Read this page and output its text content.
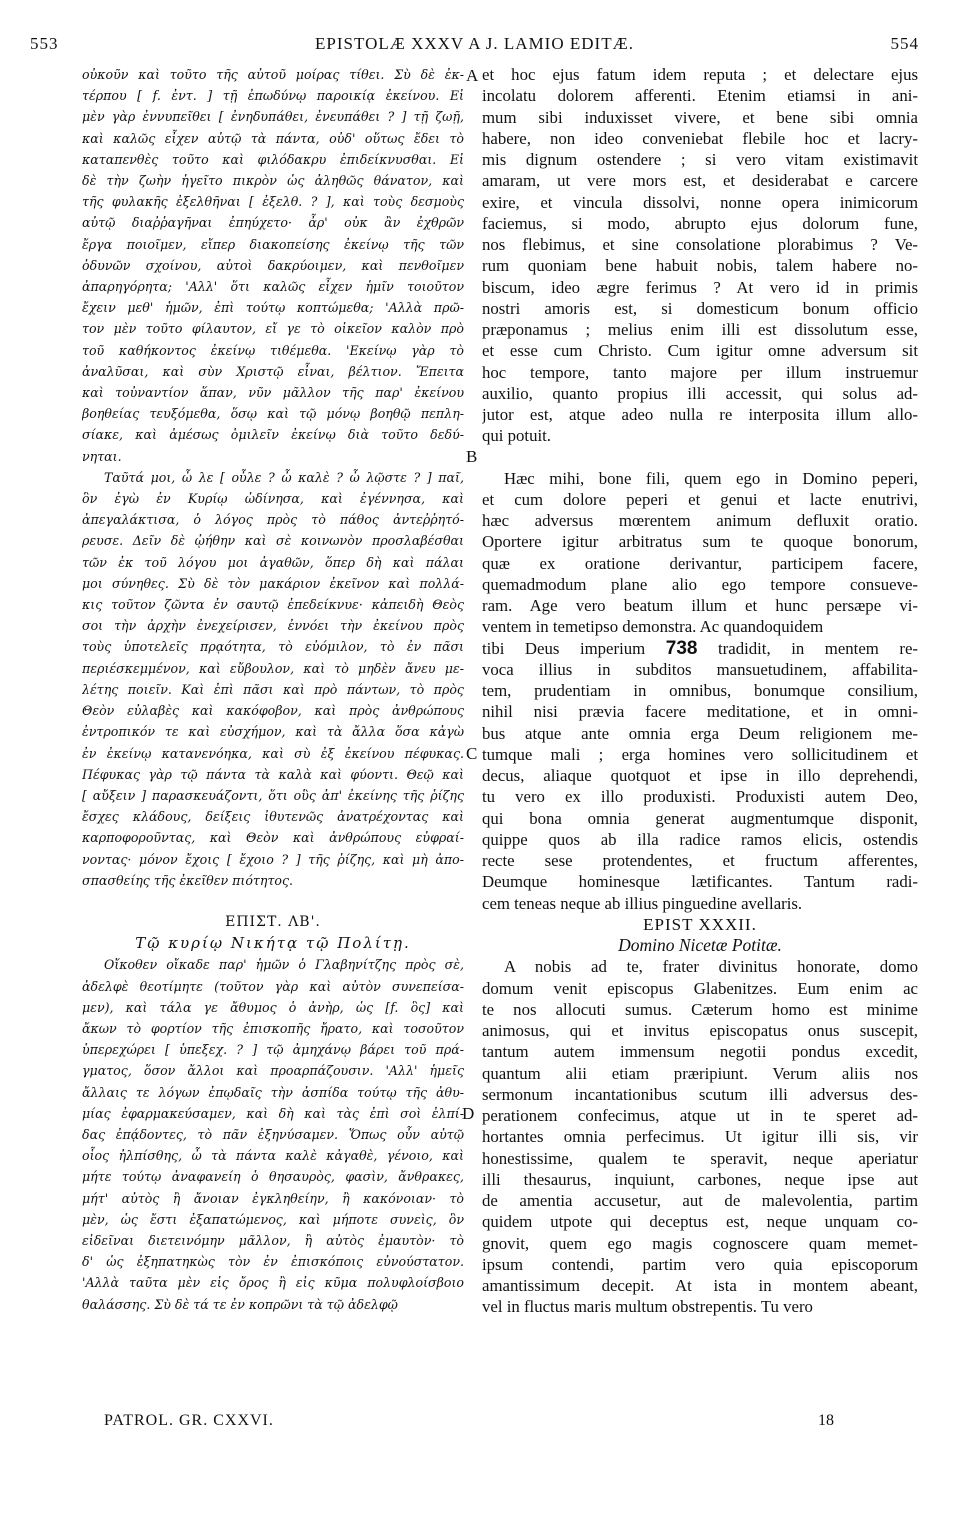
553	EPISTOLÆ XXXV A J. LAMIO EDITÆ.	554
οὐκοῦν καὶ τοῦτο τῆς αὐτοῦ μοίρας τίθει. Σὺ δὲ ἐκ-
τέρπου [ f. ἐντ. ] τῇ ἐπωδύνῳ παροικίᾳ ἐκείνου. Εἰ
μὲν γὰρ ἐννυπεῖθει [ ἐνηδυπάθει, ἐνευπάθει ? ] τῇ ζωῇ,
καὶ καλῶς εἶχεν αὐτῷ τὰ πάντα, οὐδ' οὕτως ἔδει τὸ
καταπενθὲς τοῦτο καὶ φιλόδακρυ ἐπιδείκνυσθαι. Εἰ
δὲ τὴν ζωὴν ἡγεῖτο πικρὸν ὡς ἀληθῶς θάνατον, καὶ
τῆς φυλακῆς ἐξελθῆναι [ ἐξελθ. ? ], καὶ τοὺς δεσμοὺς
αὐτῷ διαῤῥαγῆναι ἐπηύχετο· ἆρ' οὐκ ἂν ἐχθρῶν
ἔργα ποιοῖμεν, εἴπερ διακοπείσης ἐκείνῳ τῆς τῶν
ὀδυνῶν σχοίνου, αὐτοὶ δακρύοιμεν, καὶ πενθοῖμεν
ἀπαρηγόρητα; 'Αλλ' ὅτι καλῶς εἶχεν ἡμῖν τοιοῦτον
ἔχειν μεθ' ἡμῶν, ἐπὶ τούτῳ κοπτώμεθα; 'Αλλὰ πρῶ-
τον μὲν τοῦτο φίλαυτον, εἴ γε τὸ οἰκεῖον καλὸν πρὸ
τοῦ καθήκοντος ἐκείνῳ τιθέμεθα. 'Εκείνῳ γὰρ τὸ
ἀναλῦσαι, καὶ σὺν Χριστῷ εἶναι, βέλτιον. Ἔπειτα
καὶ τοὐναντίον ἅπαν, νῦν μᾶλλον τῆς παρ' ἐκείνου
βοηθείας τευξόμεθα, ὅσῳ καὶ τῷ μόνῳ βοηθῷ πεπλη-
σίακε, καὶ ἀμέσως ὁμιλεῖν ἐκείνῳ διὰ τοῦτο δεδύ-
νηται.
Ταῦτά μοι, ὦ λε [ οὖλε ? ὦ καλὲ ? ὦ λῷστε ? ] παῖ,
ὃν ἐγὼ ἐν Κυρίῳ ὠδίνησα, καὶ ἐγέννησα, καὶ
ἀπεγαλάκτισα, ὁ λόγος πρὸς τὸ πάθος ἀντεῤῥητό-
ρευσε. Δεῖν δὲ ᾠήθην καὶ σὲ κοινωνὸν προσλαβέσθαι
τῶν ἐκ τοῦ λόγου μοι ἀγαθῶν, ὅπερ δὴ καὶ πάλαι
μοι σύνηθες. Σὺ δὲ τὸν μακάριον ἐκεῖνον καὶ πολλά-
κις τοῦτον ζῶντα ἐν σαυτῷ ἐπεδείκνυε· κἀπειδὴ Θεὸς
σοι τὴν ἀρχὴν ἐνεχείρισεν, ἐννόει τὴν ἐκείνου πρὸς
τοὺς ὑποτελεῖς πρᾳότητα, τὸ εὐόμιλον, τὸ ἐν πᾶσι
περιέσκεμμένον, καὶ εὔβουλον, καὶ τὸ μηδὲν ἄνευ με-
λέτης ποιεῖν. Καὶ ἐπὶ πᾶσι καὶ πρὸ πάντων, τὸ πρὸς
Θεὸν εὐλαβὲς καὶ κακόφοβον, καὶ πρὸς ἀνθρώπους
ἐντροπικόν τε καὶ εὐσχήμον, καὶ τὰ ἄλλα ὅσα κἀγὼ
ἐν ἐκείνῳ κατανενόηκα, καὶ σὺ ἐξ ἐκείνου πέφυκας.
Πέφυκας γὰρ τῷ πάντα τὰ καλὰ καὶ φύοντι. Θεῷ καὶ
[ αὔξειν ] παρασκευάζοντι, ὅτι οὓς ἀπ' ἐκείνης τῆς ῥίζης
ἔσχες κλάδους, δείξεις ἰθυτενῶς ἀνατρέχοντας καὶ
καρποφοροῦντας, καὶ Θεὸν καὶ ἀνθρώπους εὐφραί-
νοντας· μόνον ἔχοις [ ἔχοιο ? ] τῆς ῥίζης, καὶ μὴ ἀπο-
σπασθείης τῆς ἐκεῖθεν πιότητος.
ΕΠΙΣΤ. ΛΒ'.
Τῷ κυρίῳ Νικήτᾳ τῷ Πολίτῃ.
Οἴκοθεν οἴκαδε παρ' ἡμῶν ὁ Γλαβηνίτζης πρὸς σὲ,
ἀδελφὲ θεοτίμητε (τοῦτον γὰρ καὶ αὐτὸν συνεπείσα-
μεν), καὶ τάλα γε ἄθυμος ὁ ἀνὴρ, ὡς [f. ὃς] καὶ
ἄκων τὸ φορτίον τῆς ἐπισκοπῆς ἤρατο, καὶ τοσοῦτον
ὑπερεχώρει [ ὑπεξεχ. ? ] τῷ ἀμηχάνῳ βάρει τοῦ πρά-
γματος, ὅσον ἄλλοι καὶ προαρπάζουσιν. 'Αλλ' ἡμεῖς
ἄλλαις τε λόγων ἐπῳδαῖς τὴν ἀσπίδα τούτῳ τῆς ἀθυ-
μίας ἐφαρμακεύσαμεν, καὶ δὴ καὶ τὰς ἐπὶ σοὶ ἐλπί-
δας ἐπᾴδοντες, τὸ πᾶν ἐξηνύσαμεν. Ὅπως οὖν αὐτῷ
οἷος ἠλπίσθης, ὦ τὰ πάντα καλὲ κἀγαθὲ, γένοιο, καὶ
μήτε τούτῳ ἀναφανείη ὁ θησαυρὸς, φασὶν, ἄνθρακες,
μήτ' αὐτὸς ἢ ἄνοιαν ἐγκληθείην, ἢ κακόνοιαν· τὸ
μὲν, ὡς ἔστι ἐξαπατώμενος, καὶ μήποτε συνεὶς, ὃν
εἰδεῖναι διετεινόμην μᾶλλον, ἢ αὐτὸς ἐμαυτὸν· τὸ
δ' ὡς ἐξηπατηκὼς τὸν ἐν ἐπισκόποις εὐνούστατον.
'Αλλὰ ταῦτα μὲν εἰς ὄρος ἢ εἰς κῦμα πολυφλοίσβοιο
θαλάσσης. Σὺ δὲ τά τε ἐν κοπρῶνι τὰ τῷ ἀδελφῷ
et hoc ejus fatum idem reputa ; et delectare ejus
incolatu dolorem afferenti. Etenim etiamsi in ani-
mum sibi induxisset vivere, et bene sibi omnia
habere, non ideo conveniebat flebile hoc et lacry-
mis dignum ostendere ; si vero vitam existimavit
amaram, ut vere mors est, et desiderabat e carcere
exire, et vincula dissolvi, nonne opera inimicorum
faciemus, si modo, abrupto ejus dolorum fune,
nos flebimus, et sine consolatione plorabimus ? Ve-
rum quoniam bene habuit nobis, talem habere no-
biscum, ideo ægre ferimus ? At vero id in primis
nostri amoris est, si domesticum bonum officio
præponamus ; melius enim illi est dissolutum esse,
et esse cum Christo. Cum igitur omne adversum sit
hoc tempore, tanto majore per illum instruemur
auxilio, quanto propius illi accessit, qui solus ad-
jutor est, atque adeo nulla re interposita illum allo-
qui potuit.
Hæc mihi, bone fili, quem ego in Domino peperi,
et cum dolore peperi et genui et lacte enutrivi,
hæc adversus mœrentem animum defluxit oratio.
Oportere igitur arbitratus sum te quoque bonorum,
quæ ex oratione derivantur, participem facere,
quemadmodum plane alio ego tempore consueve-
ram. Age vero beatum illum et hunc persæpe vi-
ventem in temetipso demonstra. Ac quandoquidem
tibi Deus imperium 738 tradidit, in mentem re-
voca illius in subditos mansuetudinem, affabilita-
tem, prudentiam in omnibus, bonumque consilium,
nihil nisi prævia facere meditatione, et in omni-
bus atque ante omnia erga Deum religionem me-
tumque mali ; erga homines vero sollicitudinem et
decus, aliaque quotquot et ipse in illo deprehendi,
tu vero ex illo produxisti. Produxisti autem Deo,
qui bona omnia generat augmentumque disponit,
quippe quos ab illa radice ramos elicis, ostendis
recte sese protendentes, et fructum afferentes,
Deumque hominesque lætificantes. Tantum radi-
cem teneas neque ab illius pinguedine avellaris.
EPIST XXXII.
Domino Nicetæ Potitæ.
A nobis ad te, frater divinitus honorate, domo
domum venit episcopus Glabenitzes. Eum enim ac
te nos allocuti sumus. Cæterum homo est minime
animosus, qui et invitus episcopatus onus suscepit,
tantum autem immensum negotii pondus excedit,
quantum alii etiam præripiunt. Verum aliis nos
sermonum incantationibus scutum illi adversus des-
perationem confecimus, atque ut in te speret ad-
hortantes omnia perfecimus. Ut igitur illi sis, vir
honestissime, qualem te speravit, neque aperiatur
illi thesaurus, inquiunt, carbones, neque ipse aut
de amentia accusetur, aut de malevolentia, partim
quidem utpote qui deceptus est, neque unquam co-
gnovit, quem ego magis cognoscere quam memet-
ipsum contendi, partim vero quia episcoporum
amantissimum decepit. At ista in montem abeant,
vel in fluctus maris multum obstrepentis. Tu vero
A
B
C
D
PATROL. GR. CXXVI.	18
